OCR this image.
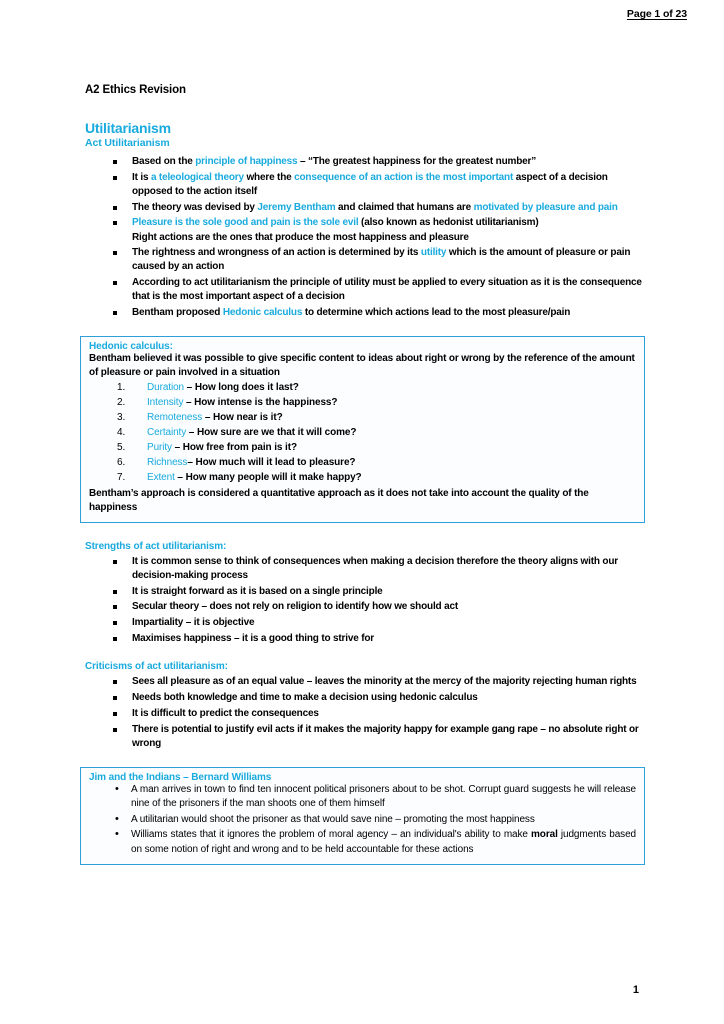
Page 1 of 23
A2 Ethics Revision
Utilitarianism
Act Utilitarianism
Based on the principle of happiness – “The greatest happiness for the greatest number”
It is a teleological theory where the consequence of an action is the most important aspect of a decision opposed to the action itself
The theory was devised by Jeremy Bentham and claimed that humans are motivated by pleasure and pain
Pleasure is the sole good and pain is the sole evil (also known as hedonist utilitarianism)
Right actions are the ones that produce the most happiness and pleasure
The rightness and wrongness of an action is determined by its utility which is the amount of pleasure or pain caused by an action
According to act utilitarianism the principle of utility must be applied to every situation as it is the consequence that is the most important aspect of a decision
Bentham proposed Hedonic calculus to determine which actions lead to the most pleasure/pain
Hedonic calculus:

Bentham believed it was possible to give specific content to ideas about right or wrong by the reference of the amount of pleasure or pain involved in a situation

Duration – How long does it last?
Intensity – How intense is the happiness?
Remoteness – How near is it?
Certainty – How sure are we that it will come?
Purity – How free from pain is it?
Richness– How much will it lead to pleasure?
Extent – How many people will it make happy?

Bentham’s approach is considered a quantitative approach as it does not take into account the quality of the happiness

Strengths of act utilitarianism:
It is common sense to think of consequences when making a decision therefore the theory aligns with our decision-making process
It is straight forward as it is based on a single principle
Secular theory – does not rely on religion to identify how we should act
Impartiality – it is objective
Maximises happiness – it is a good thing to strive for
Criticisms of act utilitarianism:
Sees all pleasure as of an equal value – leaves the minority at the mercy of the majority rejecting human rights
Needs both knowledge and time to make a decision using hedonic calculus
It is difficult to predict the consequences
There is potential to justify evil acts if it makes the majority happy for example gang rape – no absolute right or wrong
Jim and the Indians – Bernard Williams
• A man arrives in town to find ten innocent political prisoners about to be shot. Corrupt guard suggests he will release nine of the prisoners if the man shoots one of them himself
• A utilitarian would shoot the prisoner as that would save nine – promoting the most happiness
• Williams states that it ignores the problem of moral agency – an individual's ability to make moral judgments based on some notion of right and wrong and to be held accountable for these actions
1
